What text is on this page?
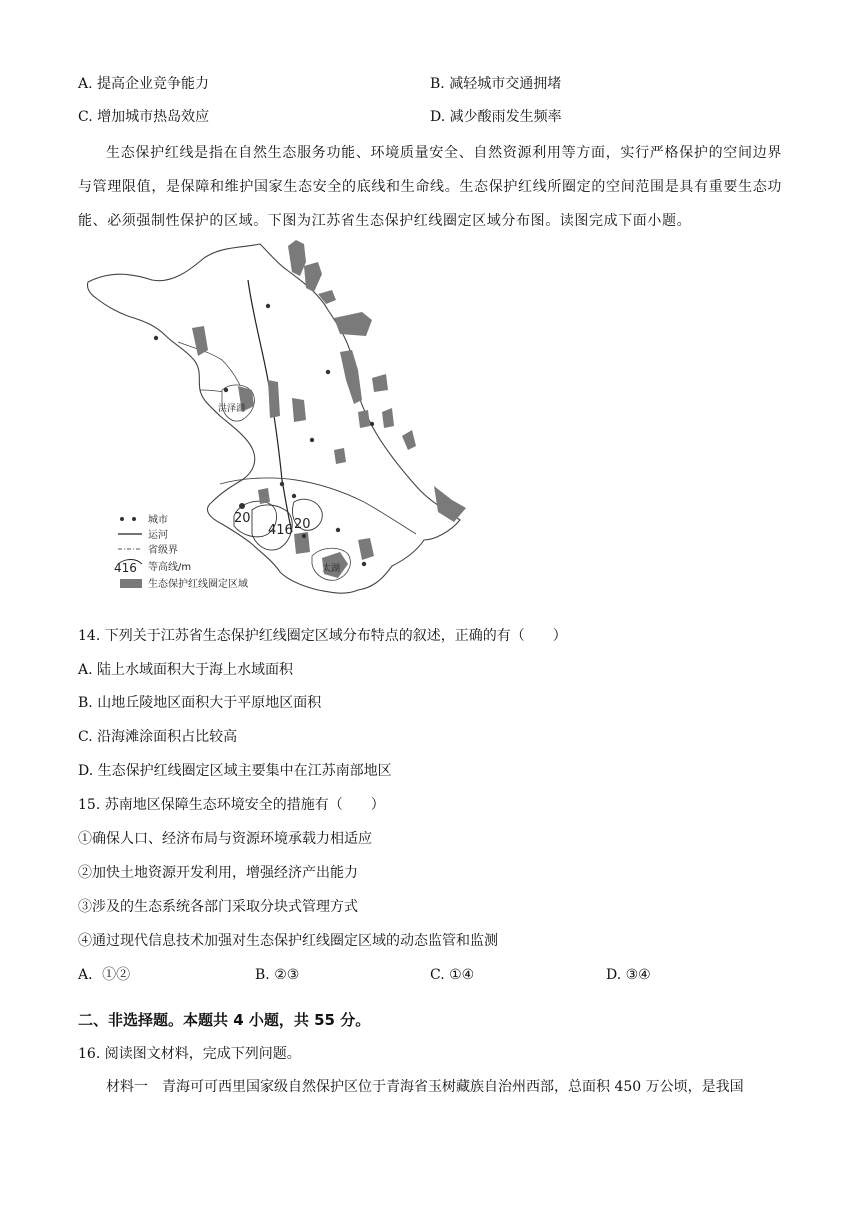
A. 提高企业竞争能力	B. 减轻城市交通拥堵
C. 增加城市热岛效应	D. 减少酸雨发生频率
生态保护红线是指在自然生态服务功能、环境质量安全、自然资源利用等方面，实行严格保护的空间边界与管理限值，是保障和维护国家生态安全的底线和生命线。生态保护红线所圈定的空间范围是具有重要生态功能、必须强制性保护的区域。下图为江苏省生态保护红线圈定区域分布图。读图完成下面小题。
洪泽湖
太湖
20
416 20
城市
运河
省级界
416 等高线/m
生态保护红线圈定区域
14. 下列关于江苏省生态保护红线圈定区域分布特点的叙述，正确的有（　　）
A. 陆上水域面积大于海上水域面积
B. 山地丘陵地区面积大于平原地区面积
C. 沿海滩涂面积占比较高
D. 生态保护红线圈定区域主要集中在江苏南部地区
15. 苏南地区保障生态环境安全的措施有（　　）
①确保人口、经济布局与资源环境承载力相适应
②加快土地资源开发利用，增强经济产出能力
③涉及的生态系统各部门采取分块式管理方式
④通过现代信息技术加强对生态保护红线圈定区域的动态监管和监测
A．①②	B. ②③	C. ①④	D. ③④
二、非选择题。本题共 4 小题，共 55 分。
16. 阅读图文材料，完成下列问题。
材料一　青海可可西里国家级自然保护区位于青海省玉树藏族自治州西部，总面积 450 万公顷，是我国
